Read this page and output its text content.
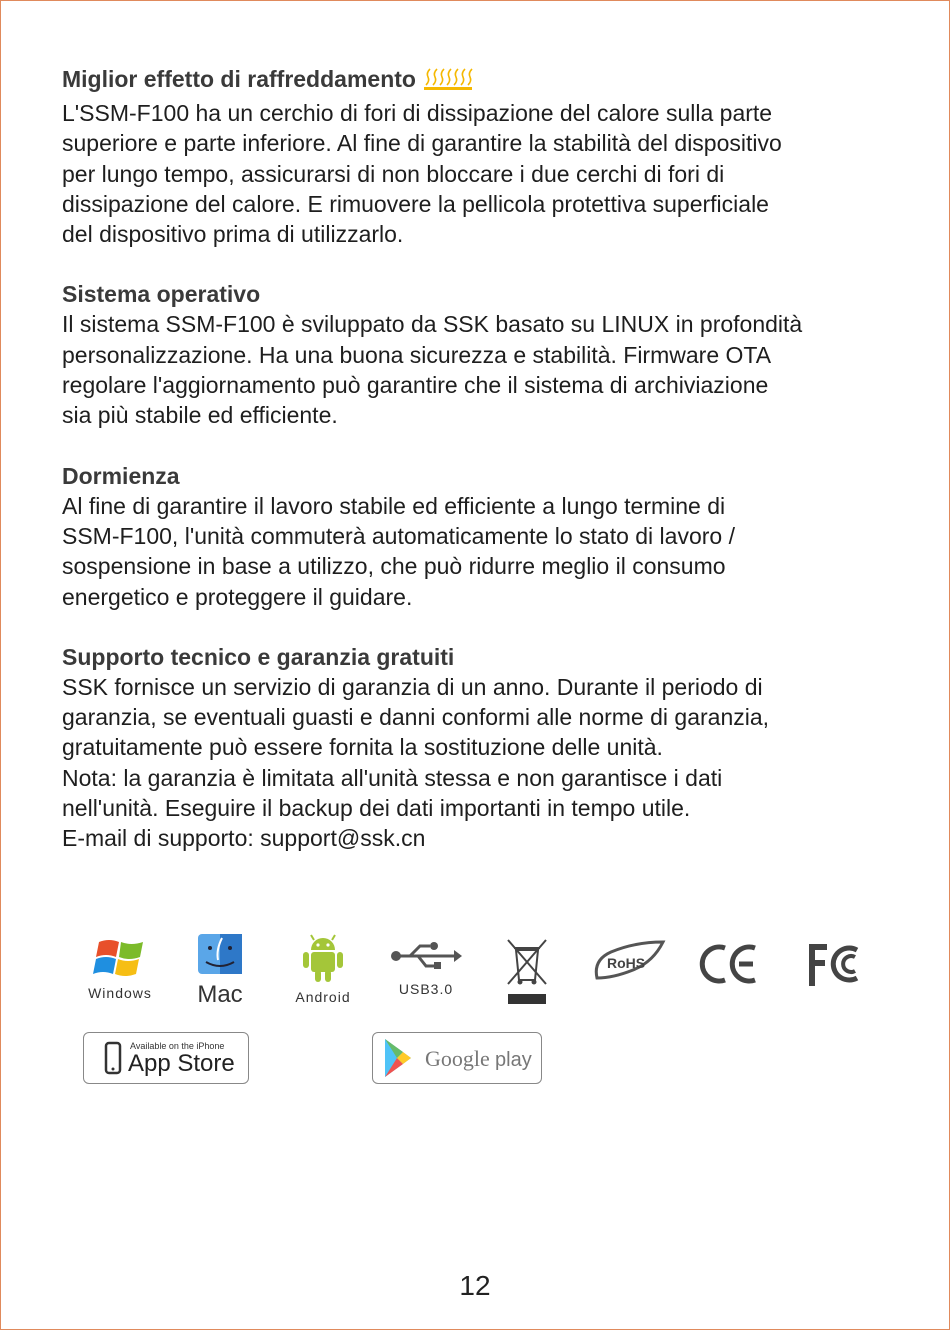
Miglior effetto di raffreddamento

L'SSM-F100 ha un cerchio di fori di dissipazione del calore sulla parte
superiore e parte inferiore. Al fine di garantire la stabilità del dispositivo
per lungo tempo, assicurarsi di non bloccare i due cerchi di fori di
dissipazione del calore. E rimuovere la pellicola protettiva superficiale
del dispositivo prima di utilizzarlo.

Sistema operativo

Il sistema SSM-F100 è sviluppato da SSK basato su LINUX in profondità
personalizzazione. Ha una buona sicurezza e stabilità. Firmware OTA
regolare l'aggiornamento può garantire che il sistema di archiviazione
sia più stabile ed efficiente.

Dormienza

Al fine di garantire il lavoro stabile ed efficiente a lungo termine di
SSM-F100, l'unità commuterà automaticamente lo stato di lavoro /
sospensione in base a utilizzo, che può ridurre meglio il consumo
energetico e proteggere il guidare.

Supporto tecnico e garanzia gratuiti

SSK fornisce un servizio di garanzia di un anno. Durante il periodo di
garanzia, se eventuali guasti e danni conformi alle norme di garanzia,
gratuitamente può essere fornita la sostituzione delle unità.
Nota: la garanzia è limitata all'unità stessa e non garantisce i dati
nell'unità. Eseguire il backup dei dati importanti in tempo utile.
E-mail di supporto: support@ssk.cn

Windows	Mac	Android	USB3.0
RoHS
Available on the iPhone
App Store	Google play
12
